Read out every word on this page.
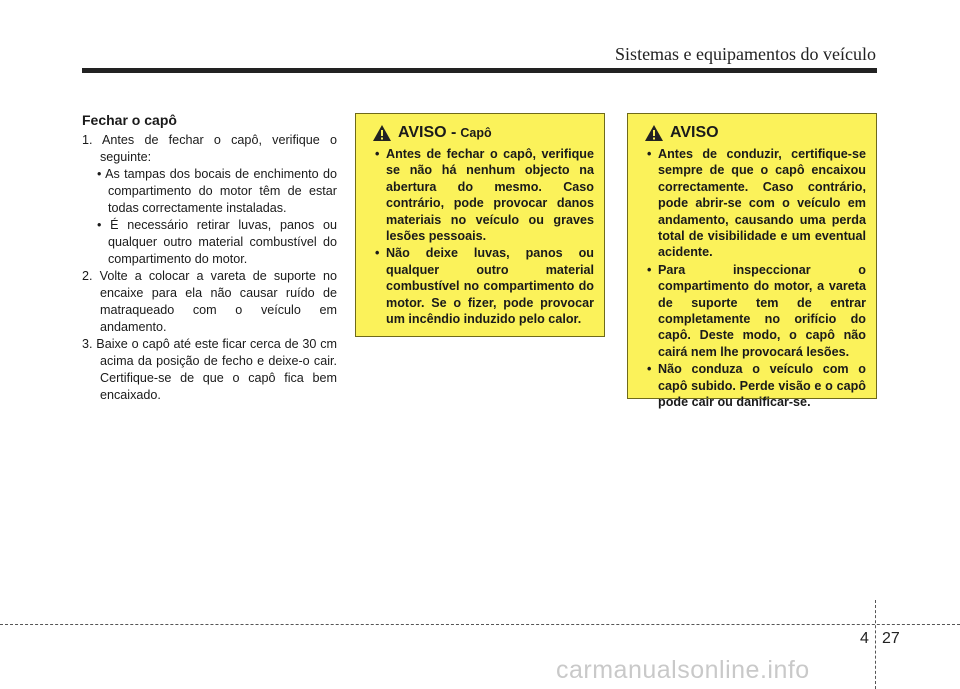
Sistemas e equipamentos do veículo

Fechar o capô

1. Antes de fechar o capô, verifique o seguinte:

• As tampas dos bocais de enchimento do compartimento do motor têm de estar todas correctamente instaladas.

• É necessário retirar luvas, panos ou qualquer outro material combustível do compartimento do motor.

2. Volte a colocar a vareta de suporte no encaixe para ela não causar ruído de matraqueado com o veículo em andamento.

3. Baixe o capô até este ficar cerca de 30 cm acima da posição de fecho e deixe-o cair. Certifique-se de que o capô fica bem encaixado.

AVISO - Capô
• Antes de fechar o capô, verifique se não há nenhum objecto na abertura do mesmo. Caso contrário, pode provocar danos materiais no veículo ou graves lesões pessoais.
• Não deixe luvas, panos ou qualquer outro material combustível no compartimento do motor. Se o fizer, pode provocar um incêndio induzido pelo calor.
AVISO
• Antes de conduzir, certifique-se sempre de que o capô encaixou correctamente. Caso contrário, pode abrir-se com o veículo em andamento, causando uma perda total de visibilidade e um eventual acidente.
• Para inspeccionar o compartimento do motor, a vareta de suporte tem de entrar completamente no orifício do capô. Deste modo, o capô não cairá nem lhe provocará lesões.
• Não conduza o veículo com o capô subido. Perde visão e o capô pode cair ou danificar-se.
4 27
carmanualsonline.info
